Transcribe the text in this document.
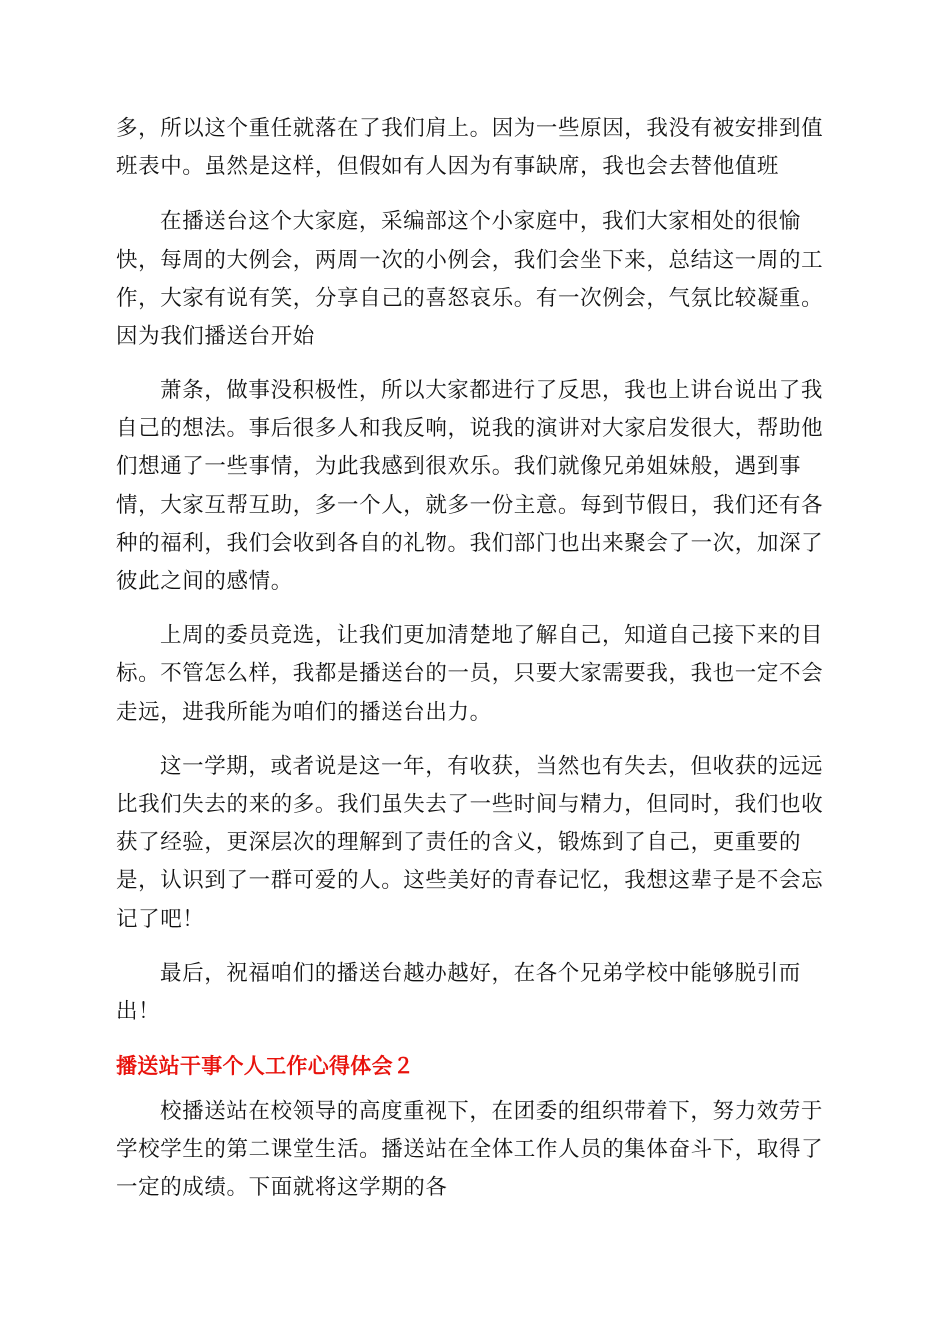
多，所以这个重任就落在了我们肩上。因为一些原因，我没有被安排到值
班表中。虽然是这样，但假如有人因为有事缺席，我也会去替他值班
在播送台这个大家庭，采编部这个小家庭中，我们大家相处的很愉
快，每周的大例会，两周一次的小例会，我们会坐下来，总结这一周的工
作，大家有说有笑，分享自己的喜怒哀乐。有一次例会，气氛比较凝重。
因为我们播送台开始
萧条，做事没积极性，所以大家都进行了反思，我也上讲台说出了我
自己的想法。事后很多人和我反响，说我的演讲对大家启发很大，帮助他
们想通了一些事情，为此我感到很欢乐。我们就像兄弟姐妹般，遇到事
情，大家互帮互助，多一个人，就多一份主意。每到节假日，我们还有各
种的福利，我们会收到各自的礼物。我们部门也出来聚会了一次，加深了
彼此之间的感情。
上周的委员竞选，让我们更加清楚地了解自己，知道自己接下来的目
标。不管怎么样，我都是播送台的一员，只要大家需要我，我也一定不会
走远，进我所能为咱们的播送台出力。
这一学期，或者说是这一年，有收获，当然也有失去，但收获的远远
比我们失去的来的多。我们虽失去了一些时间与精力，但同时，我们也收
获了经验，更深层次的理解到了责任的含义，锻炼到了自己，更重要的
是，认识到了一群可爱的人。这些美好的青春记忆，我想这辈子是不会忘
记了吧！
最后，祝福咱们的播送台越办越好，在各个兄弟学校中能够脱引而
出！
播送站干事个人工作心得体会２
校播送站在校领导的高度重视下，在团委的组织带着下，努力效劳于
学校学生的第二课堂生活。播送站在全体工作人员的集体奋斗下，取得了
一定的成绩。下面就将这学期的各
